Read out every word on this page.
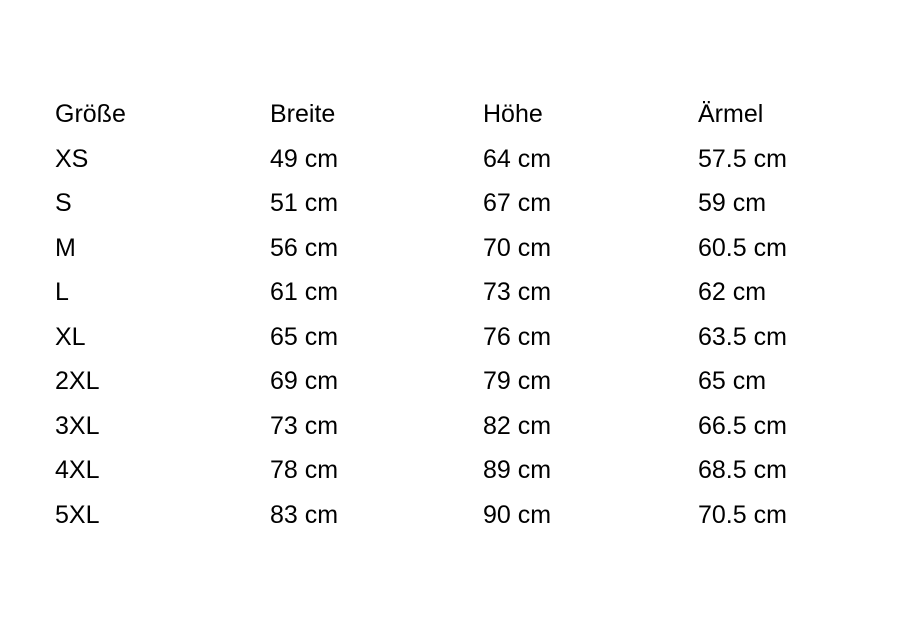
Größe	Breite	Höhe	Ärmel
XS	49 cm	64 cm	57.5 cm
S	51 cm	67 cm	59 cm
M	56 cm	70 cm	60.5 cm
L	61 cm	73 cm	62 cm
XL	65 cm	76 cm	63.5 cm
2XL	69 cm	79 cm	65 cm
3XL	73 cm	82 cm	66.5 cm
4XL	78 cm	89 cm	68.5 cm
5XL	83 cm	90 cm	70.5 cm
